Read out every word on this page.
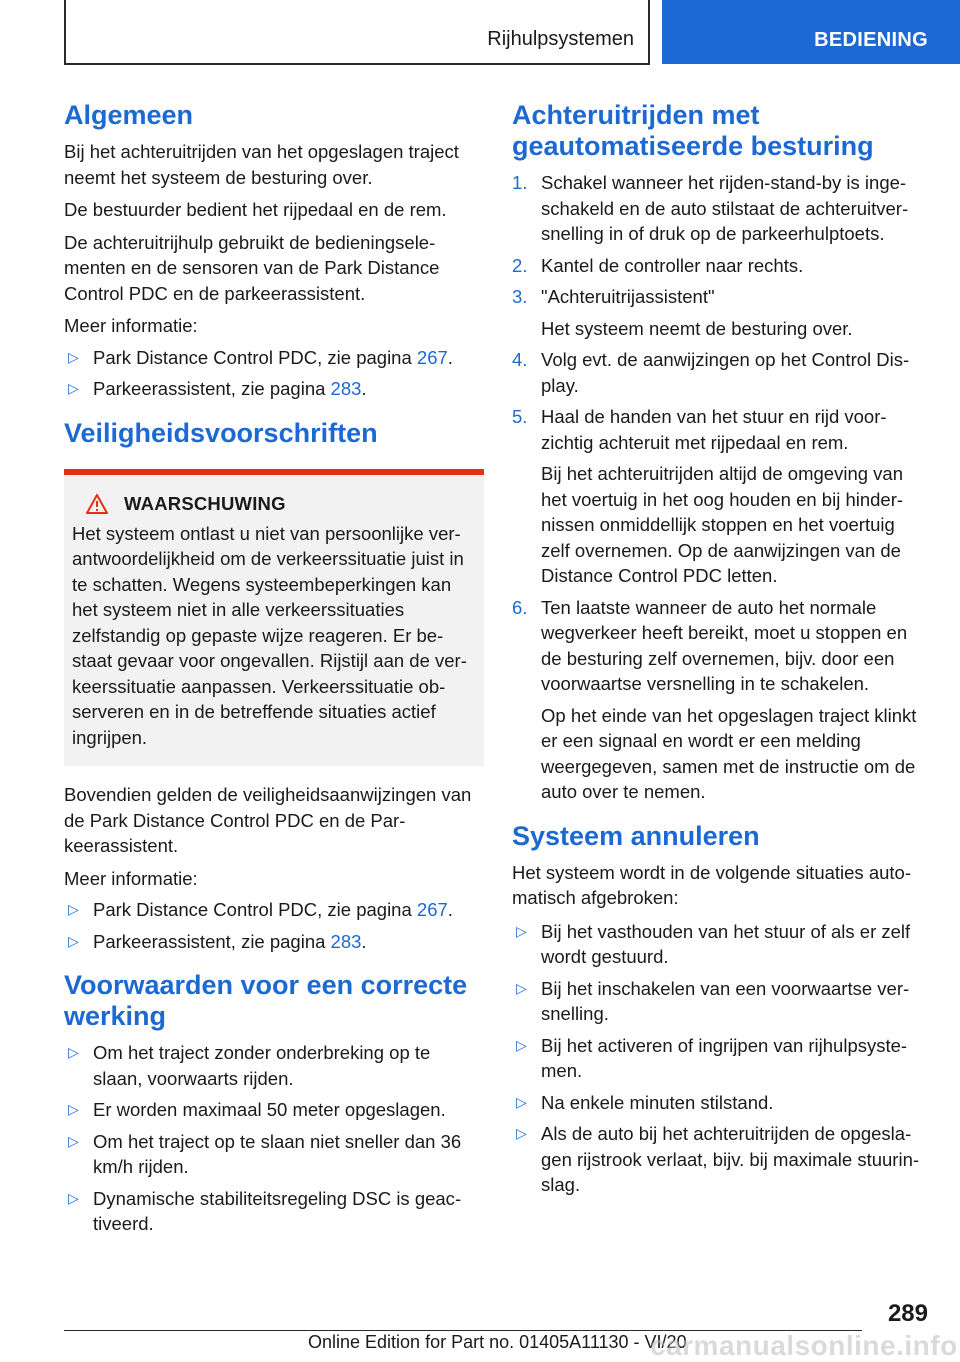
Rijhulpsystemen	BEDIENING
Algemeen

Bij het achteruitrijden van het opgeslagen traject neemt het systeem de besturing over.

De bestuurder bedient het rijpedaal en de rem.

De achteruitrijhulp gebruikt de bedieningselementen en de sensoren van de Park Distance Control PDC en de parkeerassistent.

Meer informatie:

▷ Park Distance Control PDC, zie pagina 267.
▷ Parkeerassistent, zie pagina 283.
Veiligheidsvoorschriften
WAARSCHUWING
Het systeem ontlast u niet van persoonlijke verantwoordelijkheid om de verkeerssituatie juist in te schatten. Wegens systeembeperkingen kan het systeem niet in alle verkeerssituaties zelfstandig op gepaste wijze reageren. Er bestaat gevaar voor ongevallen. Rijstijl aan de verkeerssituatie aanpassen. Verkeerssituatie observeren en in de betreffende situaties actief ingrijpen.

Bovendien gelden de veiligheidsaanwijzingen van de Park Distance Control PDC en de Parkeerassistent.

Meer informatie:

▷ Park Distance Control PDC, zie pagina 267.
▷ Parkeerassistent, zie pagina 283.
Voorwaarden voor een correcte werking
▷ Om het traject zonder onderbreking op te slaan, voorwaarts rijden.
▷ Er worden maximaal 50 meter opgeslagen.
▷ Om het traject op te slaan niet sneller dan 36 km/h rijden.
▷ Dynamische stabiliteitsregeling DSC is geactiveerd.
Achteruitrijden met geautomatiseerde besturing
1. Schakel wanneer het rijden-stand-by is ingeschakeld en de auto stilstaat de achteruitversnelling in of druk op de parkeerhulptoets.
2. Kantel de controller naar rechts.
3. "Achteruitrijassistent"
Het systeem neemt de besturing over.
4. Volg evt. de aanwijzingen op het Control Display.
5. Haal de handen van het stuur en rijd voorzichtig achteruit met rijpedaal en rem.
Bij het achteruitrijden altijd de omgeving van het voertuig in het oog houden en bij hindernissen onmiddellijk stoppen en het voertuig zelf overnemen. Op de aanwijzingen van de Distance Control PDC letten.
6. Ten laatste wanneer de auto het normale wegverkeer heeft bereikt, moet u stoppen en de besturing zelf overnemen, bijv. door een voorwaartse versnelling in te schakelen.
Op het einde van het opgeslagen traject klinkt er een signaal en wordt er een melding weergegeven, samen met de instructie om de auto over te nemen.
Systeem annuleren

Het systeem wordt in de volgende situaties automatisch afgebroken:

▷ Bij het vasthouden van het stuur of als er zelf wordt gestuurd.
▷ Bij het inschakelen van een voorwaartse versnelling.
▷ Bij het activeren of ingrijpen van rijhulpsystemen.
▷ Na enkele minuten stilstand.
▷ Als de auto bij het achteruitrijden de opgeslagen rijstrook verlaat, bijv. bij maximale stuurinslag.
289
Online Edition for Part no. 01405A11130 - VI/20
carmanualsonline.info
